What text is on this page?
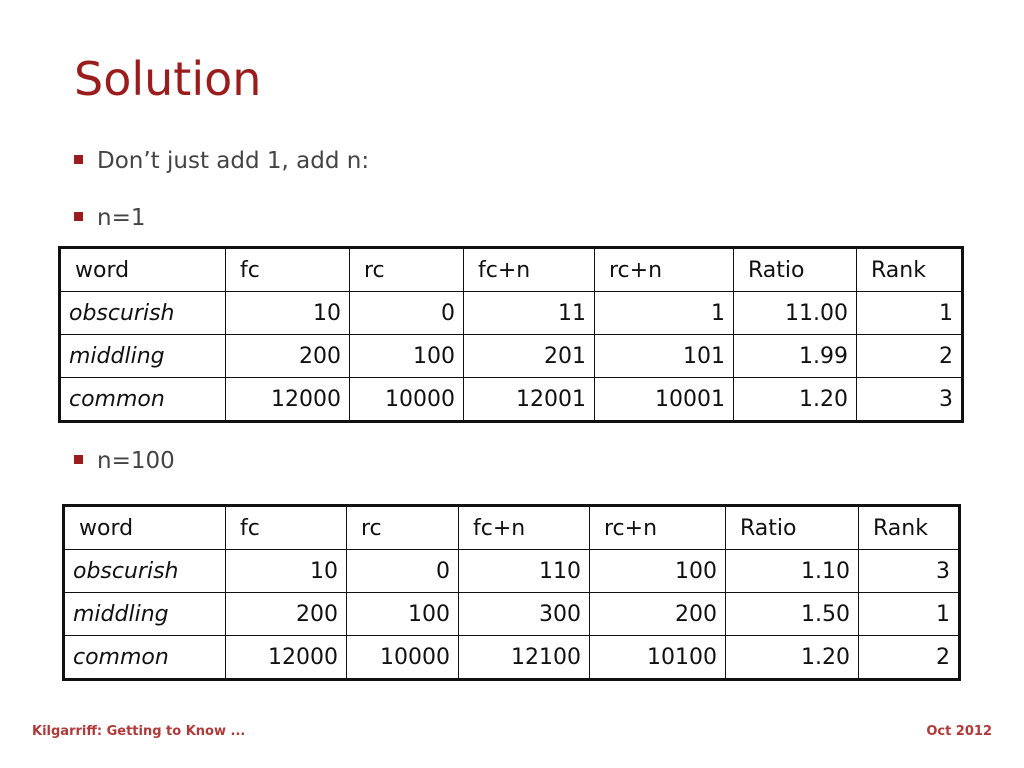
Solution
Don’t just add 1, add n:
n=1
word	fc	rc	fc+n	rc+n	Ratio	Rank
obscurish	10	0	11	1	11.00	1
middling	200	100	201	101	1.99	2
common	12000	10000	12001	10001	1.20	3
n=100
word	fc	rc	fc+n	rc+n	Ratio	Rank
obscurish	10	0	110	100	1.10	3
middling	200	100	300	200	1.50	1
common	12000	10000	12100	10100	1.20	2
Kilgarriff: Getting to Know ...	Oct 2012
